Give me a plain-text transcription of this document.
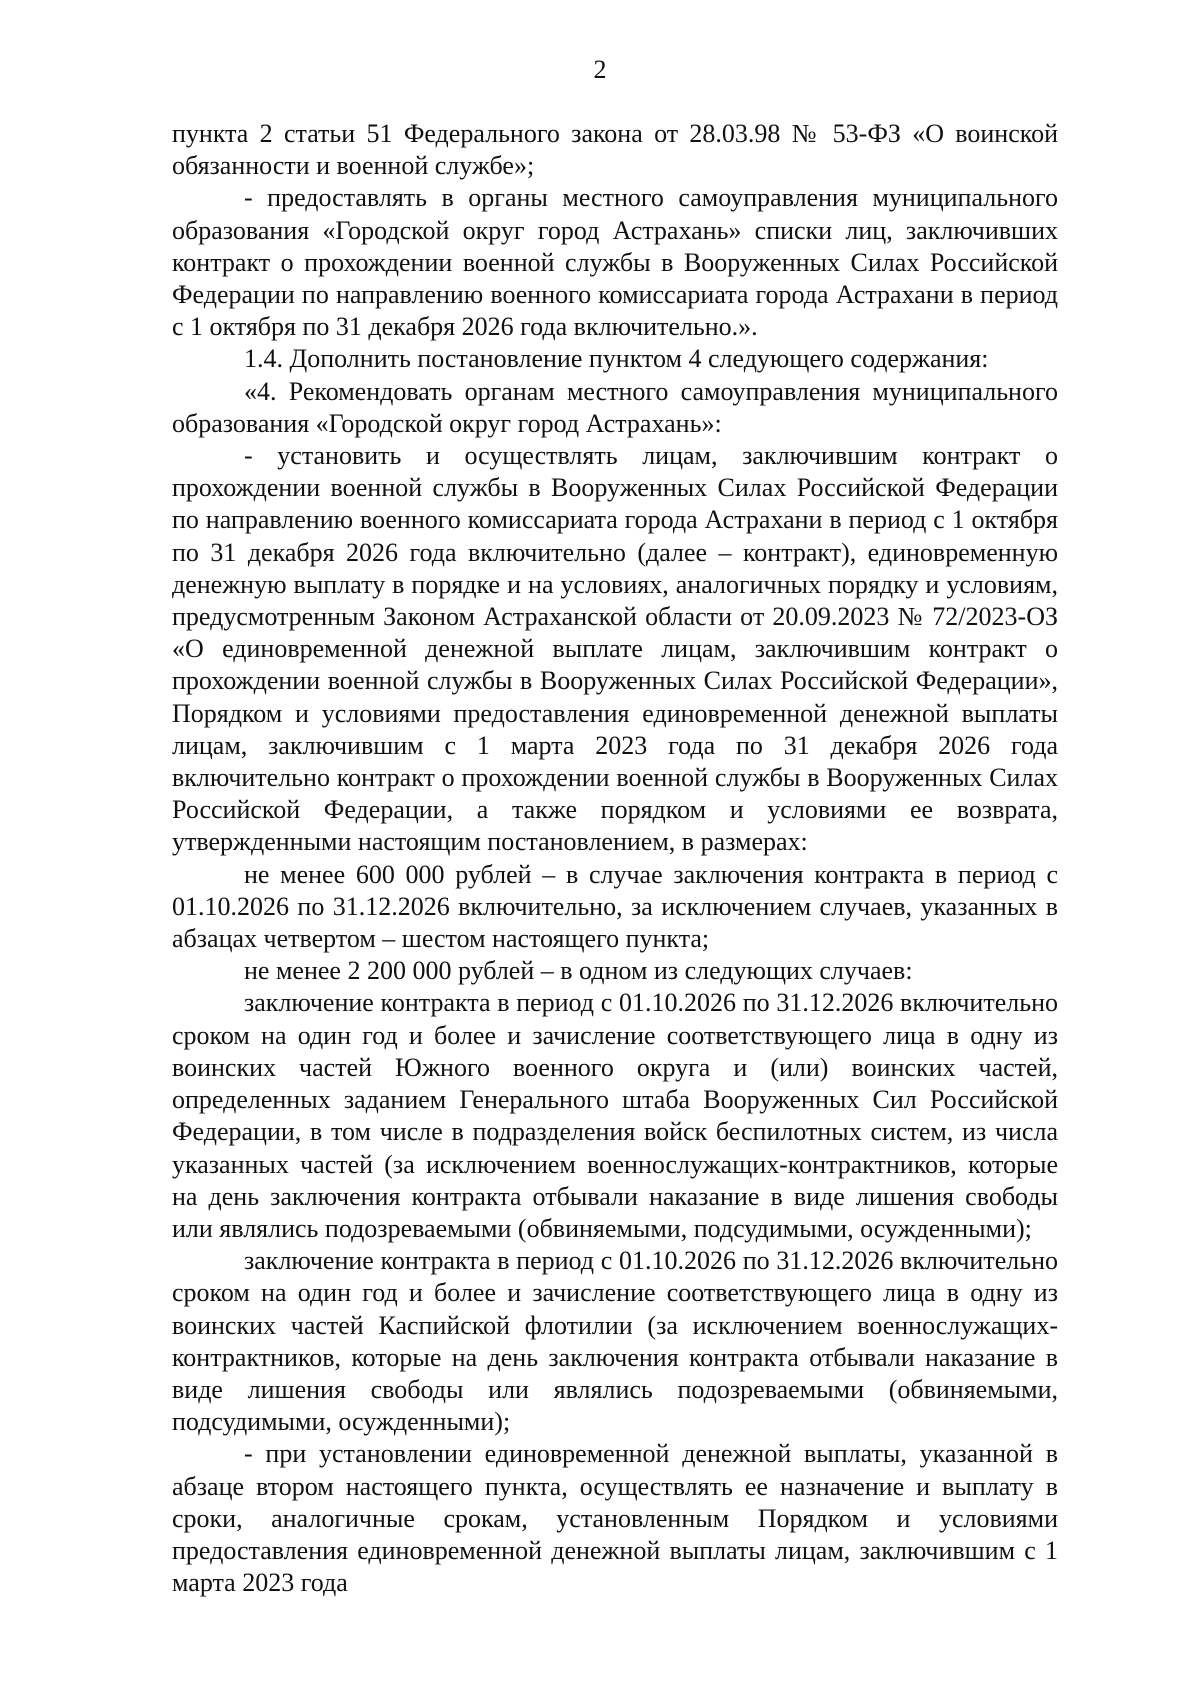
2

пункта 2 статьи 51 Федерального закона от 28.03.98 № 53-ФЗ «О воинской обязанности и военной службе»;

- предоставлять в органы местного самоуправления муниципального образования «Городской округ город Астрахань» списки лиц, заключивших контракт о прохождении военной службы в Вооруженных Силах Российской Федерации по направлению военного комиссариата города Астрахани в период с 1 октября по 31 декабря 2026 года включительно.».

1.4. Дополнить постановление пунктом 4 следующего содержания:

«4. Рекомендовать органам местного самоуправления муниципального образования «Городской округ город Астрахань»:

- установить и осуществлять лицам, заключившим контракт о прохождении военной службы в Вооруженных Силах Российской Федерации по направлению военного комиссариата города Астрахани в период с 1 октября по 31 декабря 2026 года включительно (далее – контракт), единовременную денежную выплату в порядке и на условиях, аналогичных порядку и условиям, предусмотренным Законом Астраханской области от 20.09.2023 № 72/2023-ОЗ «О единовременной денежной выплате лицам, заключившим контракт о прохождении военной службы в Вооруженных Силах Российской Федерации», Порядком и условиями предоставления единовременной денежной выплаты лицам, заключившим с 1 марта 2023 года по 31 декабря 2026 года включительно контракт о прохождении военной службы в Вооруженных Силах Российской Федерации, а также порядком и условиями ее возврата, утвержденными настоящим постановлением, в размерах:

не менее 600 000 рублей – в случае заключения контракта в период с 01.10.2026 по 31.12.2026 включительно, за исключением случаев, указанных в абзацах четвертом – шестом настоящего пункта;

не менее 2 200 000 рублей – в одном из следующих случаев:

заключение контракта в период с 01.10.2026 по 31.12.2026 включительно сроком на один год и более и зачисление соответствующего лица в одну из воинских частей Южного военного округа и (или) воинских частей, определенных заданием Генерального штаба Вооруженных Сил Российской Федерации, в том числе в подразделения войск беспилотных систем, из числа указанных частей (за исключением военнослужащих-контрактников, которые на день заключения контракта отбывали наказание в виде лишения свободы или являлись подозреваемыми (обвиняемыми, подсудимыми, осужденными);

заключение контракта в период с 01.10.2026 по 31.12.2026 включительно сроком на один год и более и зачисление соответствующего лица в одну из воинских частей Каспийской флотилии (за исключением военнослужащих-контрактников, которые на день заключения контракта отбывали наказание в виде лишения свободы или являлись подозреваемыми (обвиняемыми, подсудимыми, осужденными);

- при установлении единовременной денежной выплаты, указанной в абзаце втором настоящего пункта, осуществлять ее назначение и выплату в сроки, аналогичные срокам, установленным Порядком и условиями предоставления единовременной денежной выплаты лицам, заключившим с 1 марта 2023 года
